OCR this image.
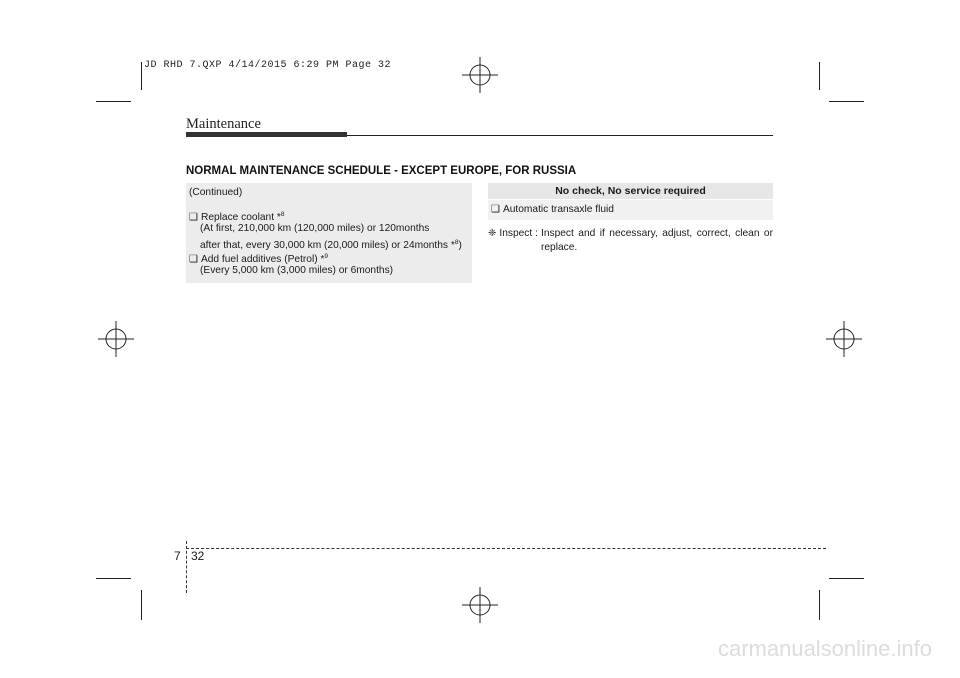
JD RHD 7.QXP 4/14/2015 6:29 PM Page 32
Maintenance
NORMAL MAINTENANCE SCHEDULE - EXCEPT EUROPE, FOR RUSSIA
(Continued)
❑ Replace coolant *$^8$
(At first, 210,000 km (120,000 miles) or 120months
after that, every 30,000 km (20,000 miles) or 24months *$^8$)
❑ Add fuel additives (Petrol) *$^9$
(Every 5,000 km (3,000 miles) or 6months)
No check, No service required
❑ Automatic transaxle fluid
❈ Inspect : Inspect and if necessary, adjust, correct, clean or
replace.
7 32
carmanualsonline.info
